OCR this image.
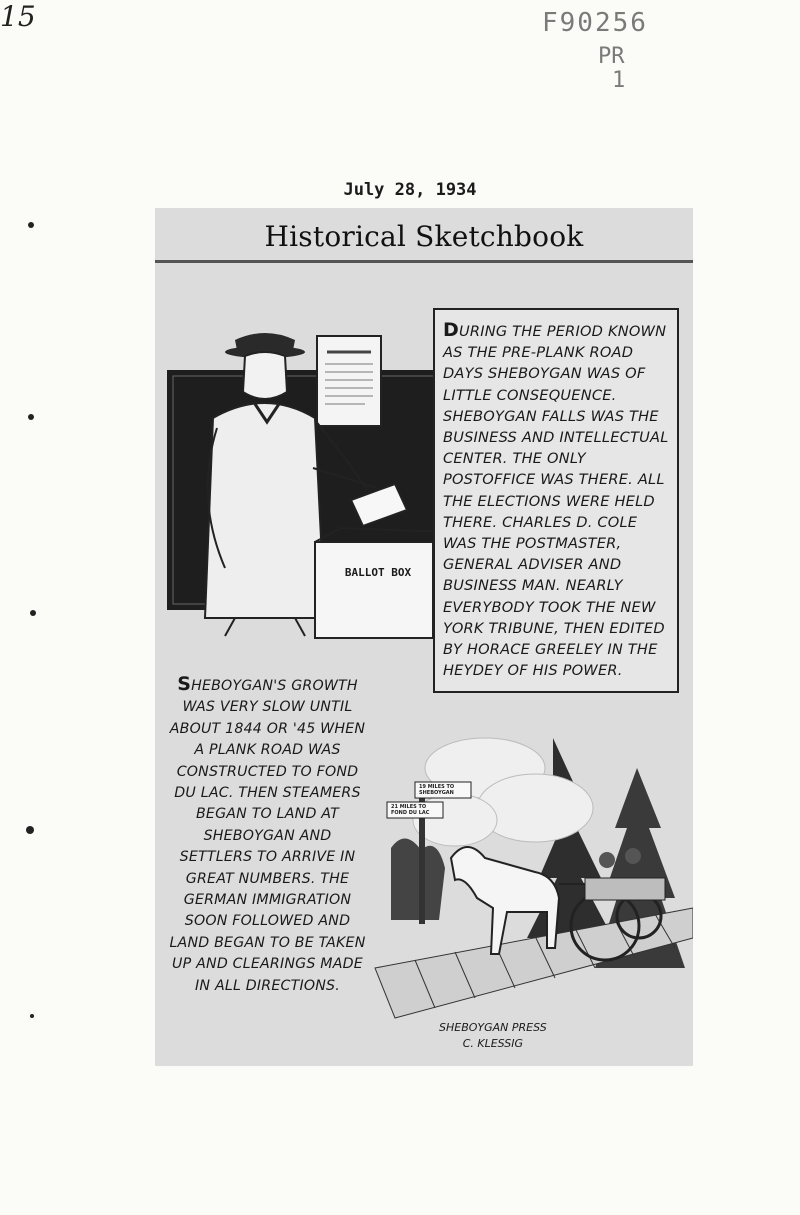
F90256
PR
1
15
July 28, 1934
Historical Sketchbook
DURING THE PERIOD KNOWN AS THE PRE-PLANK ROAD DAYS SHEBOYGAN WAS OF LITTLE CONSEQUENCE. SHEBOYGAN FALLS WAS THE BUSINESS AND INTELLECTUAL CENTER. THE ONLY POSTOFFICE WAS THERE. ALL THE ELECTIONS WERE HELD THERE. CHARLES D. COLE WAS THE POSTMASTER, GENERAL ADVISER AND BUSINESS MAN. NEARLY EVERYBODY TOOK THE NEW YORK TRIBUNE, THEN EDITED BY HORACE GREELEY IN THE HEYDEY OF HIS POWER.
BALLOT BOX
SHEBOYGAN'S GROWTH WAS VERY SLOW UNTIL ABOUT 1844 OR '45 WHEN A PLANK ROAD WAS CONSTRUCTED TO FOND DU LAC. THEN STEAMERS BEGAN TO LAND AT SHEBOYGAN AND SETTLERS TO ARRIVE IN GREAT NUMBERS. THE GERMAN IMMIGRATION SOON FOLLOWED AND LAND BEGAN TO BE TAKEN UP AND CLEARINGS MADE IN ALL DIRECTIONS.
19 MILES TO SHEBOYGAN
21 MILES TO FOND DU LAC
SHEBOYGAN PRESS
C. KLESSIG
